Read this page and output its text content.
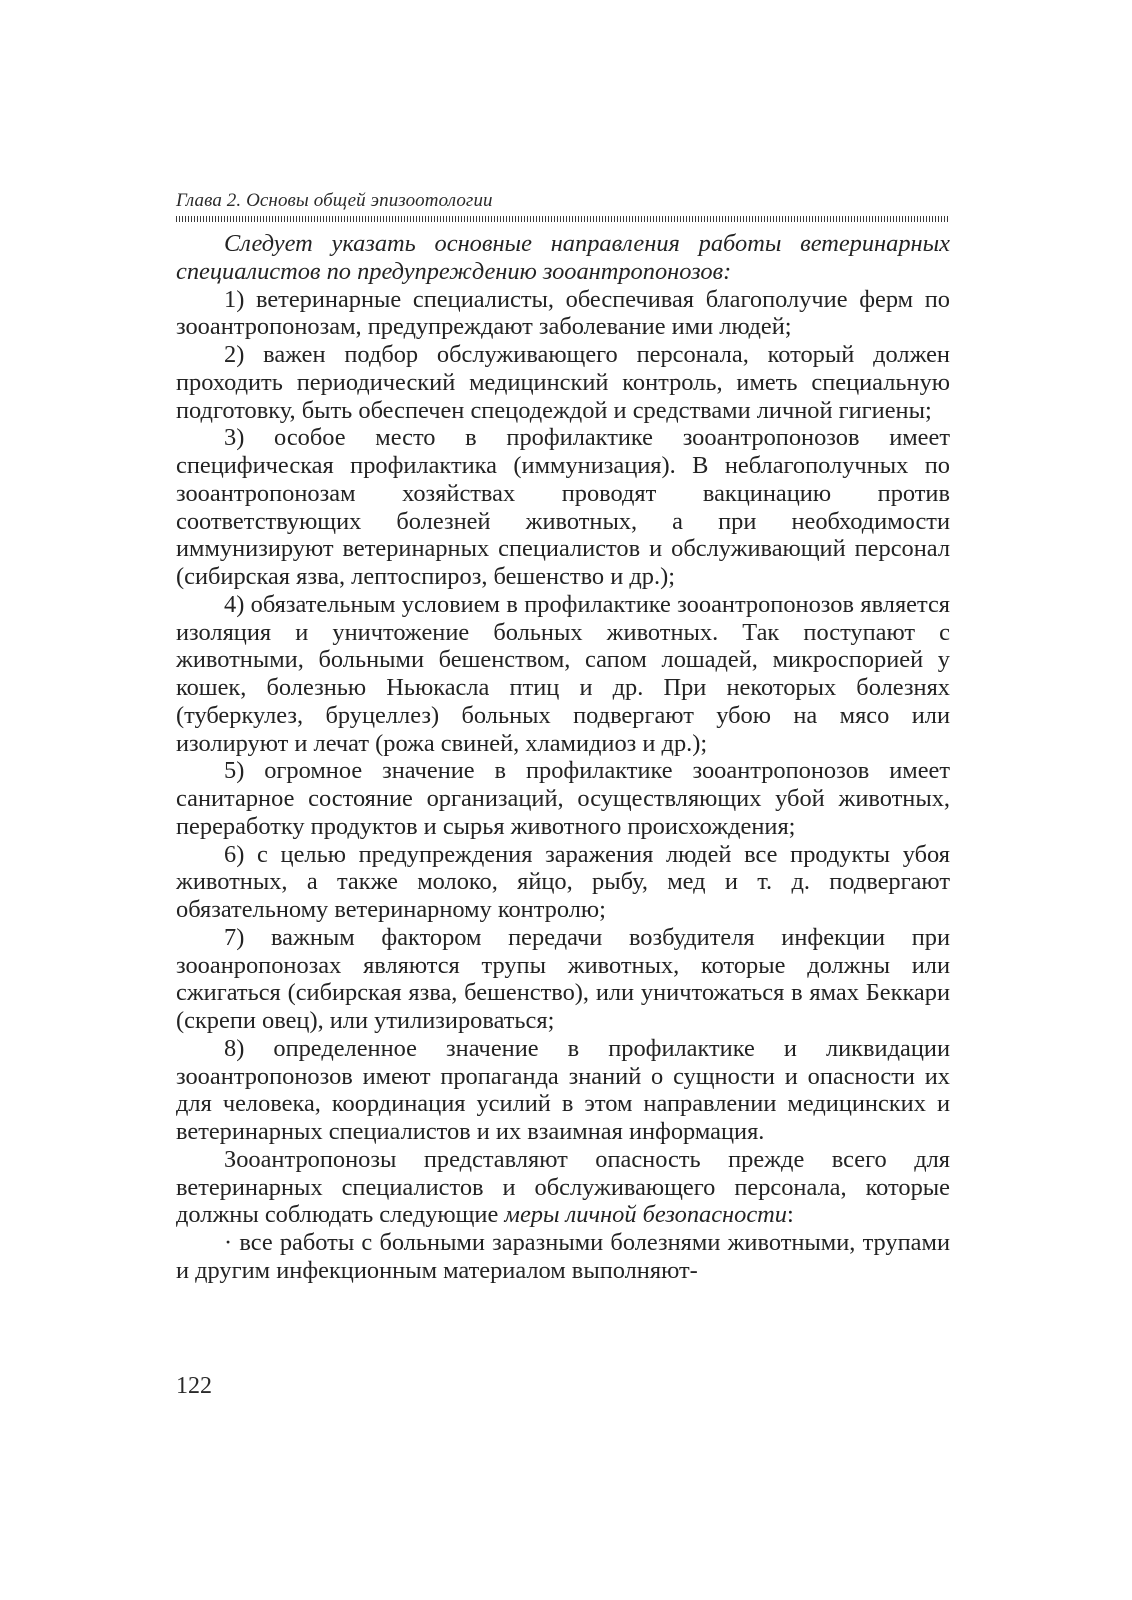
Глава 2. Основы общей эпизоотологии

Следует указать основные направления работы ветеринарных специалистов по предупреждению зооантропонозов:

1) ветеринарные специалисты, обеспечивая благополучие ферм по зооантропонозам, предупреждают заболевание ими людей;

2) важен подбор обслуживающего персонала, который должен проходить периодический медицинский контроль, иметь специальную подготовку, быть обеспечен спецодеждой и средствами личной гигиены;

3) особое место в профилактике зооантропонозов имеет специфическая профилактика (иммунизация). В неблагополучных по зооантропонозам хозяйствах проводят вакцинацию против соответствующих болезней животных, а при необходимости иммунизируют ветеринарных специалистов и обслуживающий персонал (сибирская язва, лептоспироз, бешенство и др.);

4) обязательным условием в профилактике зооантропонозов является изоляция и уничтожение больных животных. Так поступают с животными, больными бешенством, сапом лошадей, микроспорией у кошек, болезнью Ньюкасла птиц и др. При некоторых болезнях (туберкулез, бруцеллез) больных подвергают убою на мясо или изолируют и лечат (рожа свиней, хламидиоз и др.);

5) огромное значение в профилактике зооантропонозов имеет санитарное состояние организаций, осуществляющих убой животных, переработку продуктов и сырья животного происхождения;

6) с целью предупреждения заражения людей все продукты убоя животных, а также молоко, яйцо, рыбу, мед и т. д. подвергают обязательному ветеринарному контролю;

7) важным фактором передачи возбудителя инфекции при зооанропонозах являются трупы животных, которые должны или сжигаться (сибирская язва, бешенство), или уничтожаться в ямах Беккари (скрепи овец), или утилизироваться;

8) определенное значение в профилактике и ликвидации зооантропонозов имеют пропаганда знаний о сущности и опасности их для человека, координация усилий в этом направлении медицинских и ветеринарных специалистов и их взаимная информация.

Зооантропонозы представляют опасность прежде всего для ветеринарных специалистов и обслуживающего персонала, которые должны соблюдать следующие меры личной безопасности:

· все работы с больными заразными болезнями животными, трупами и другим инфекционным материалом выполняют-

122
